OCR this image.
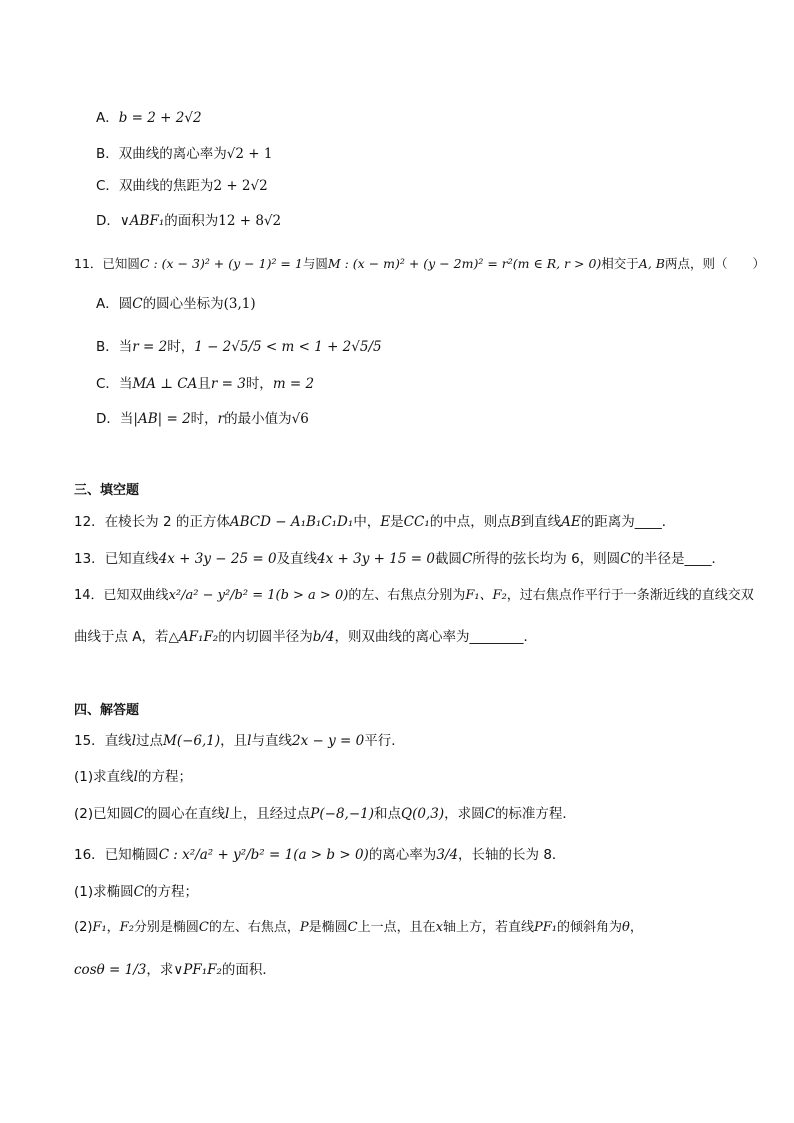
A．b = 2 + 2√2
B．双曲线的离心率为√2 + 1
C．双曲线的焦距为2 + 2√2
D．∨ABF₁的面积为12 + 8√2
11．已知圆C : (x − 3)² + (y − 1)² = 1与圆M : (x − m)² + (y − 2m)² = r²(m ∈ R, r > 0)相交于A, B两点，则（　　）
A．圆C的圆心坐标为(3,1)
B．当r = 2时，1 − 2√5/5 < m < 1 + 2√5/5
C．当MA ⊥ CA且r = 3时，m = 2
D．当|AB| = 2时，r的最小值为√6
三、填空题
12．在棱长为 2 的正方体ABCD − A₁B₁C₁D₁中，E是CC₁的中点，则点B到直线AE的距离为____．
13．已知直线4x + 3y − 25 = 0及直线4x + 3y + 15 = 0截圆C所得的弦长均为 6，则圆C的半径是____．
14．已知双曲线x²/a² − y²/b² = 1(b > a > 0)的左、右焦点分别为F₁、F₂，过右焦点作平行于一条渐近线的直线交双
曲线于点 A，若△AF₁F₂的内切圆半径为b/4，则双曲线的离心率为________．
四、解答题
15．直线l过点M(−6,1)，且l与直线2x − y = 0平行．
(1)求直线l的方程；
(2)已知圆C的圆心在直线l上，且经过点P(−8,−1)和点Q(0,3)，求圆C的标准方程．
16．已知椭圆C : x²/a² + y²/b² = 1(a > b > 0)的离心率为3/4，长轴的长为 8．
(1)求椭圆C的方程；
(2)F₁，F₂分别是椭圆C的左、右焦点，P是椭圆C上一点，且在x轴上方，若直线PF₁的倾斜角为θ，
cosθ = 1/3，求∨PF₁F₂的面积．
